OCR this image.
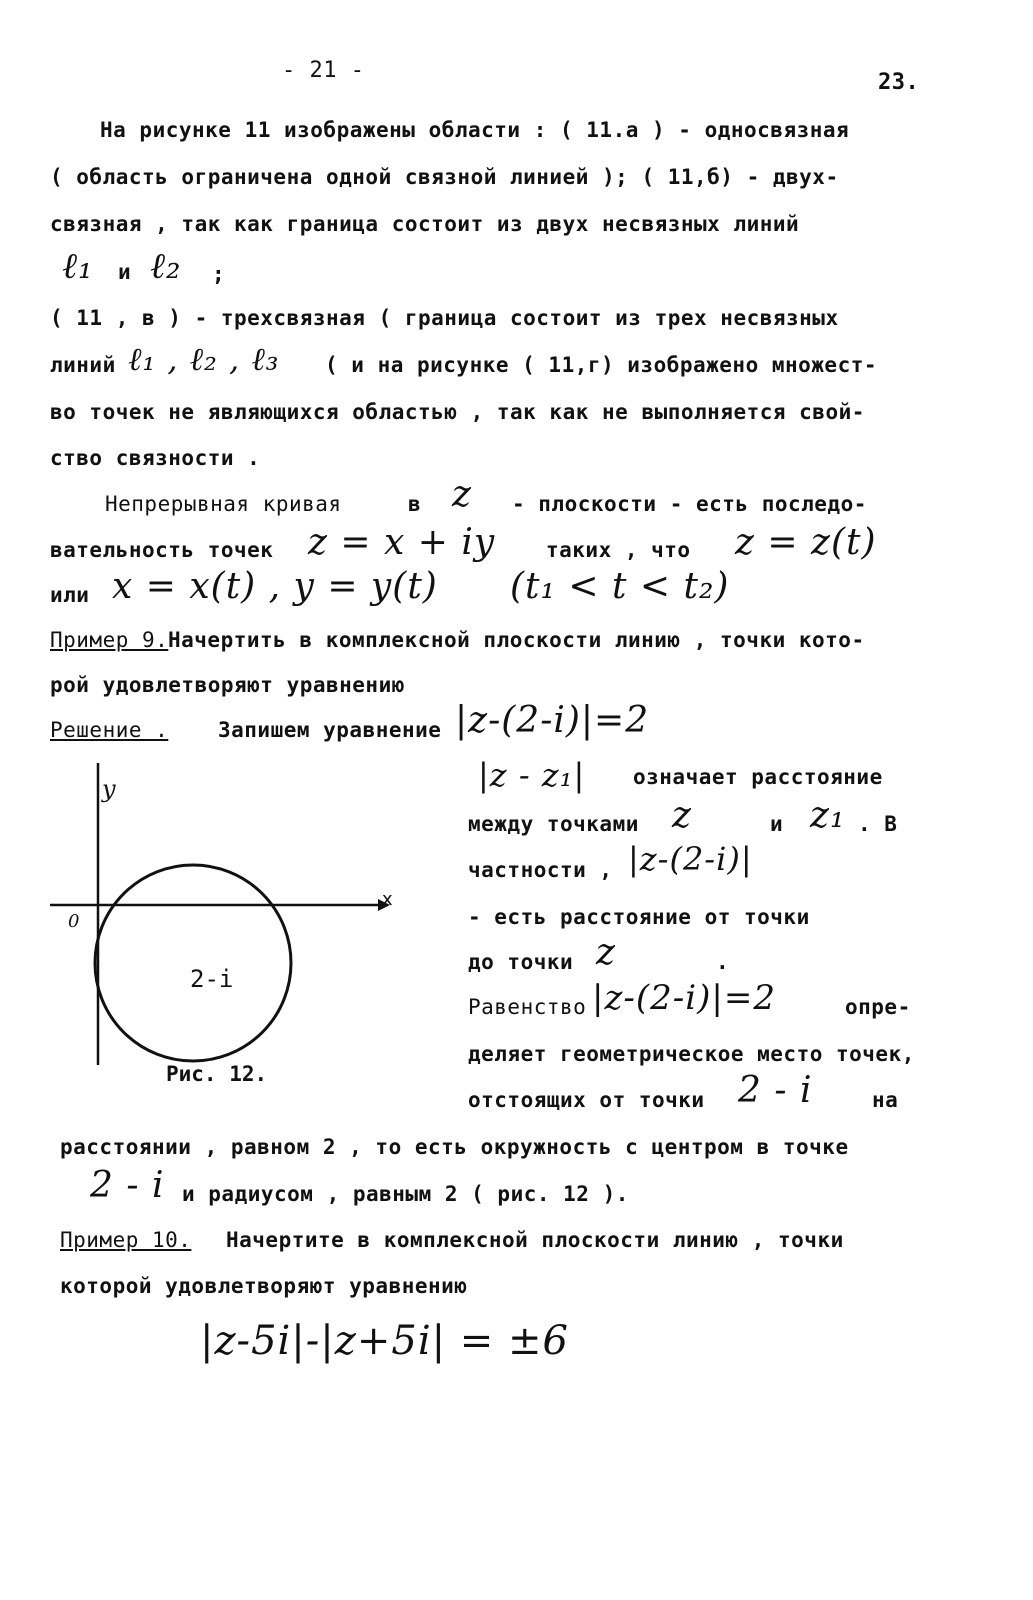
- 21 -	23.
На рисунке 11 изображены области : ( 11.а ) - односвязная
( область ограничена одной связной линией ); ( 11,б) - двух-
связная , так как граница состоит из двух несвязных линий
ℓ₁ и ℓ₂ ;
( 11 , в ) - трехсвязная ( граница состоит из трех несвязных
линий ℓ₁ , ℓ₂ , ℓ₃ ( и на рисунке ( 11,г) изображено множест-
во точек не являющихся областью , так как не выполняется свой-
ство связности .
Непрерывная кривая	в z - плоскости - есть последо-
вательность точек z = x + iy таких , что z = z(t)
или x = x(t) , y = y(t) (t₁ < t < t₂)
Пример 9. Начертить в комплексной плоскости линию , точки кото-
рой удовлетворяют уравнению
Решение . Запишем уравнение |z-(2-i)|=2
y
x
0
2-i
Рис. 12.
|z - z₁| означает расстояние
между точками z	и z₁ . В
частности , |z-(2-i)|
- есть расстояние от точки
до точки z	.
Равенство |z-(2-i)|=2	опре-
деляет геометрическое место точек,
отстоящих от точки 2 - i	на
расстоянии , равном 2 , то есть окружность с центром в точке
2 - i и радиусом , равным 2 ( рис. 12 ).
Пример 10. Начертите в комплексной плоскости линию , точки
которой удовлетворяют уравнению
|z-5i|-|z+5i| = ±6
